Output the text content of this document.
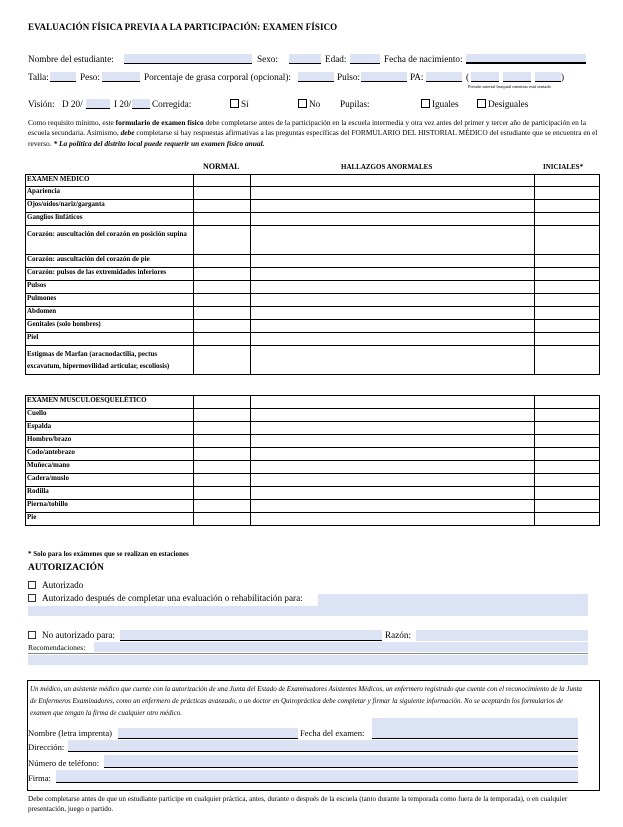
EVALUACIÓN FÍSICA PREVIA A LA PARTICIPACIÓN: EXAMEN FÍSICO
Nombre del estudiante:	Sexo:	Edad:	Fecha de nacimiento:
Talla:	Peso:	Porcentaje de grasa corporal (opcional):	Pulso:	PA:	(	)
Presión arterial braquial mientras está sentado
Visión: D 20/	I 20/ Corregida:	Sí	No Pupilas:	Iguales	Desiguales
Como requisito mínimo, este formulario de examen físico debe completarse antes de la participación en la escuela intermedia y otra vez antes del primer y tercer año de participación en la escuela secundaria. Asimismo, debe completarse si hay respuestas afirmativas a las preguntas específicas del FORMULARIO DEL HISTORIAL MÉDICO del estudiante que se encuentra en el reverso. * La política del distrito local puede requerir un examen físico anual.
NORMAL	HALLAZGOS ANORMALES	INICIALES*
EXAMEN MÉDICO			
Apariencia			
Ojos/oídos/nariz/garganta			
Ganglios linfáticos			
Corazón: auscultación del corazón en posición supina			
Corazón: auscultación del corazón de pie			
Corazón: pulsos de las extremidades inferiores			
Pulsos			
Pulmones			
Abdomen			
Genitales (solo hombres)			
Piel			
Estigmas de Marfan (aracnodactilia, pectus excavatum, hipermovilidad articular, escoliosis)			
EXAMEN MUSCULOESQUELÉTICO			
Cuello			
Espalda			
Hombro/brazo			
Codo/antebrazo			
Muñeca/mano			
Cadera/muslo			
Rodilla			
Pierna/tobillo			
Pie			
* Solo para los exámenes que se realizan en estaciones
AUTORIZACIÓN
Autorizado
Autorizado después de completar una evaluación o rehabilitación para:
No autorizado para:	Razón:
Recomendaciones:
Un médico, un asistente médico que cuente con la autorización de una Junta del Estado de Examinadores Asistentes Médicos, un enfermero registrado que cuente con el reconocimiento de la Junta de Enfermeros Examinadores, como un enfermero de prácticas avanzado, o un doctor en Quiropráctica debe completar y firmar la siguiente información. No se aceptarán los formularios de examen que tengan la firma de cualquier otro médico.
Nombre (letra imprenta)	Fecha del examen:
Dirección:
Número de teléfono:
Firma:
Debe completarse antes de que un estudiante participe en cualquier práctica, antes, durante o después de la escuela (tanto durante la temporada como fuera de la temporada), o en cualquier presentación, juego o partido.
